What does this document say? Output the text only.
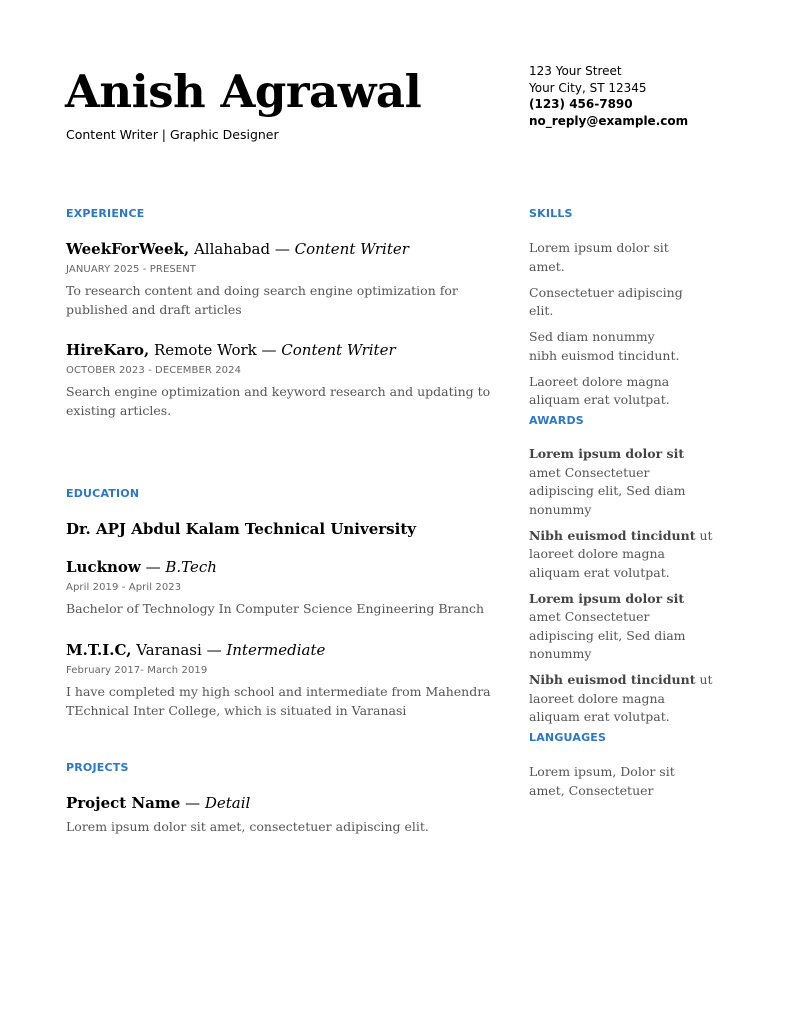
Anish Agrawal
Content Writer | Graphic Designer
123 Your Street
Your City, ST 12345
(123) 456-7890
no_reply@example.com
EXPERIENCE
WeekForWeek, Allahabad — Content Writer
JANUARY 2025 - PRESENT
To research content and doing search engine optimization for published and draft articles
HireKaro, Remote Work — Content Writer
OCTOBER 2023 - DECEMBER 2024
Search engine optimization and keyword research and updating to existing articles.
EDUCATION
Dr. APJ Abdul Kalam Technical University
Lucknow — B.Tech
April 2019 - April 2023
Bachelor of Technology In Computer Science Engineering Branch
M.T.I.C, Varanasi — Intermediate
February 2017- March 2019
I have completed my high school and intermediate from Mahendra TEchnical Inter College, which is situated in Varanasi
PROJECTS
Project Name — Detail
Lorem ipsum dolor sit amet, consectetuer adipiscing elit.
SKILLS
Lorem ipsum dolor sit amet.
Consectetuer adipiscing elit.
Sed diam nonummy nibh euismod tincidunt.
Laoreet dolore magna aliquam erat volutpat.
AWARDS
Lorem ipsum dolor sit amet Consectetuer adipiscing elit, Sed diam nonummy
Nibh euismod tincidunt ut laoreet dolore magna aliquam erat volutpat.
Lorem ipsum dolor sit amet Consectetuer adipiscing elit, Sed diam nonummy
Nibh euismod tincidunt ut laoreet dolore magna aliquam erat volutpat.
LANGUAGES
Lorem ipsum, Dolor sit amet, Consectetuer
